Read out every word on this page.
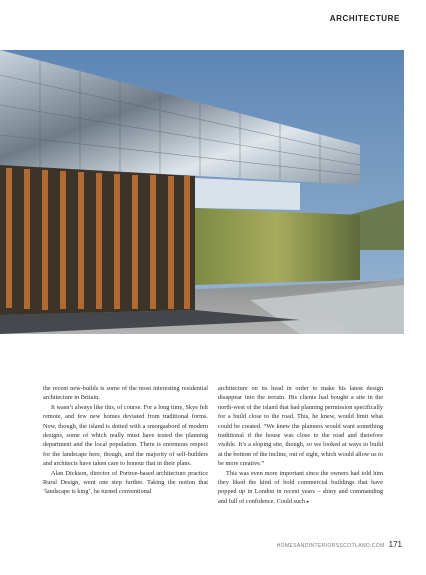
ARCHITECTURE

the recent new-builds is some of the most interesting residential architecture in Britain.

It wasn’t always like this, of course. For a long time, Skye felt remote, and few new homes deviated from traditional forms. Now, though, the island is dotted with a smorgasbord of modern designs, some of which really must have tested the planning department and the local population. There is enormous respect for the landscape here, though, and the majority of self-builders and architects have taken care to honour that in their plans.

Alan Dickson, director of Portree-based architecture practice Rural Design, went one step further. Taking the notion that ‘landscape is king’, he turned conventional

architecture on its head in order to make his latest design disappear into the terrain. His clients had bought a site in the north-west of the island that had planning permission specifically for a build close to the road. This, he knew, would limit what could be created. “We knew the planners would want something traditional if the house was close to the road and therefore visible. It’s a sloping site, though, so we looked at ways to build at the bottom of the incline, out of sight, which would allow us to be more creative.”

This was even more important since the owners had told him they liked the kind of bold commercial buildings that have popped up in London in recent years – shiny and commanding and full of confidence. Could such ▸

HOMESANDINTERIORSSCOTLAND.COM 171
